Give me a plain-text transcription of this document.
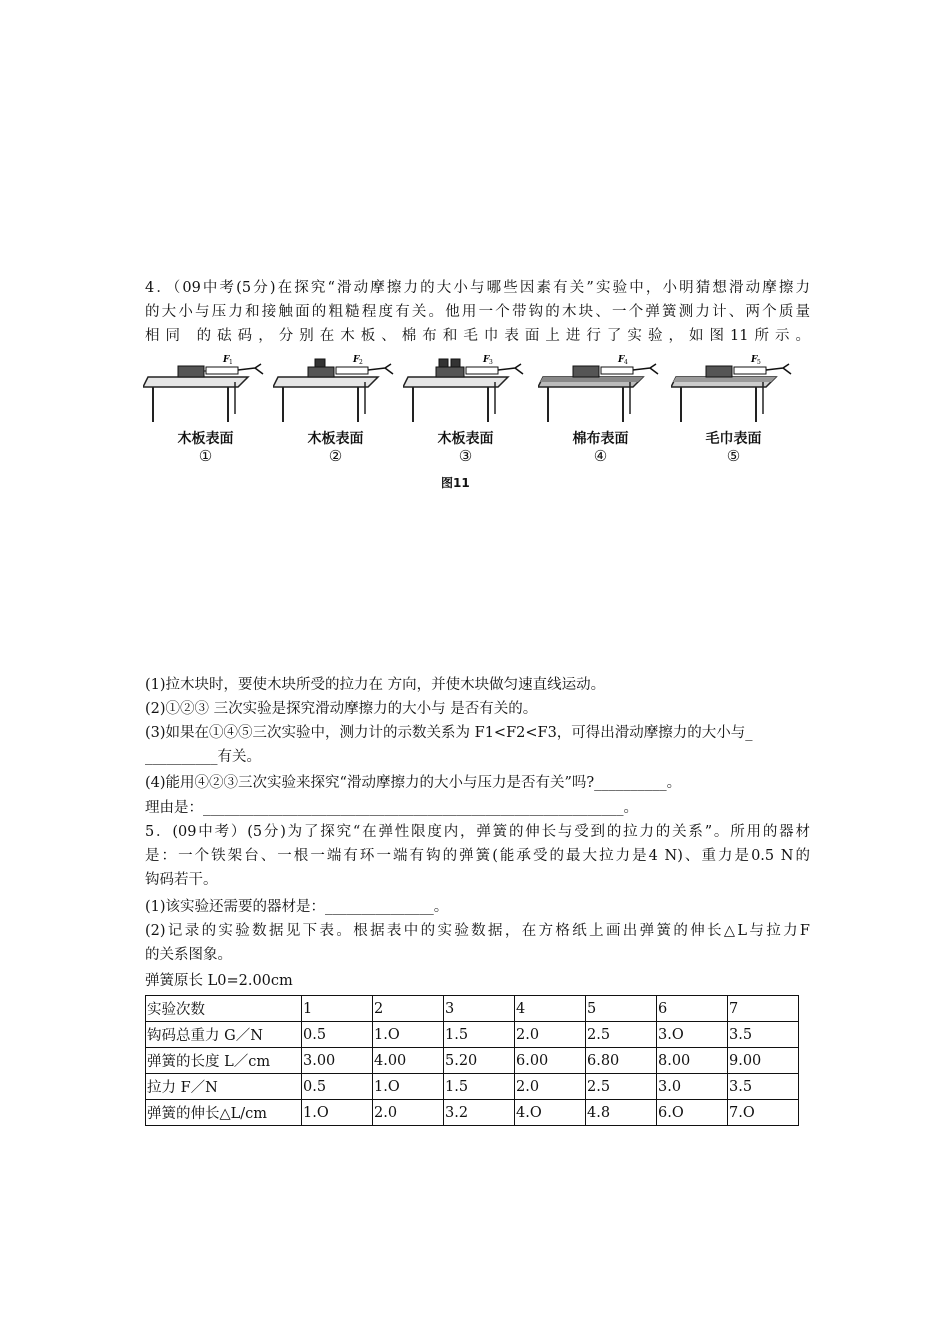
4．（09中考(5分)在探究“滑动摩擦力的大小与哪些因素有关”实验中，小明猜想滑动摩擦力
的大小与压力和接触面的粗糙程度有关。他用一个带钩的木块、一个弹簧测力计、两个质量
相同 的砝码，分别在木板、棉布和毛巾表面上进行了实验，如图11所示。
F 1
木板表面
①
F 2
木板表面
②
F 3
木板表面
③
F 4
棉布表面
④
F 5
毛巾表面
⑤
图11
(1)拉木块时，要使木块所受的拉力在 方向，并使木块做匀速直线运动。
(2)①②③ 三次实验是探究滑动摩擦力的大小与 是否有关的。
(3)如果在①④⑤三次实验中，测力计的示数关系为 F1<F2<F3，可得出滑动摩擦力的大小与_
__________有关。
(4)能用④②③三次实验来探究“滑动摩擦力的大小与压力是否有关”吗?__________。
理由是：__________________________________________________________。
5．(09中考）(5分)为了探究“在弹性限度内，弹簧的伸长与受到的拉力的关系”。所用的器材
是：一个铁架台、一根一端有环一端有钩的弹簧(能承受的最大拉力是4 N)、重力是0.5 N的
钩码若干。
(1)该实验还需要的器材是：_______________。
(2)记录的实验数据见下表。根据表中的实验数据，在方格纸上画出弹簧的伸长△L与拉力F
的关系图象。
弹簧原长 L0=2.00cm
实验次数	1	2	3	4	5	6	7
钩码总重力 G／N	0.5	1.O	1.5	2.0	2.5	3.O	3.5
弹簧的长度 L／cm	3.00	4.00	5.20	6.00	6.80	8.00	9.00
拉力 F／N	0.5	1.O	1.5	2.0	2.5	3.0	3.5
弹簧的伸长△L/cm	1.O	2.0	3.2	4.O	4.8	6.O	7.O
